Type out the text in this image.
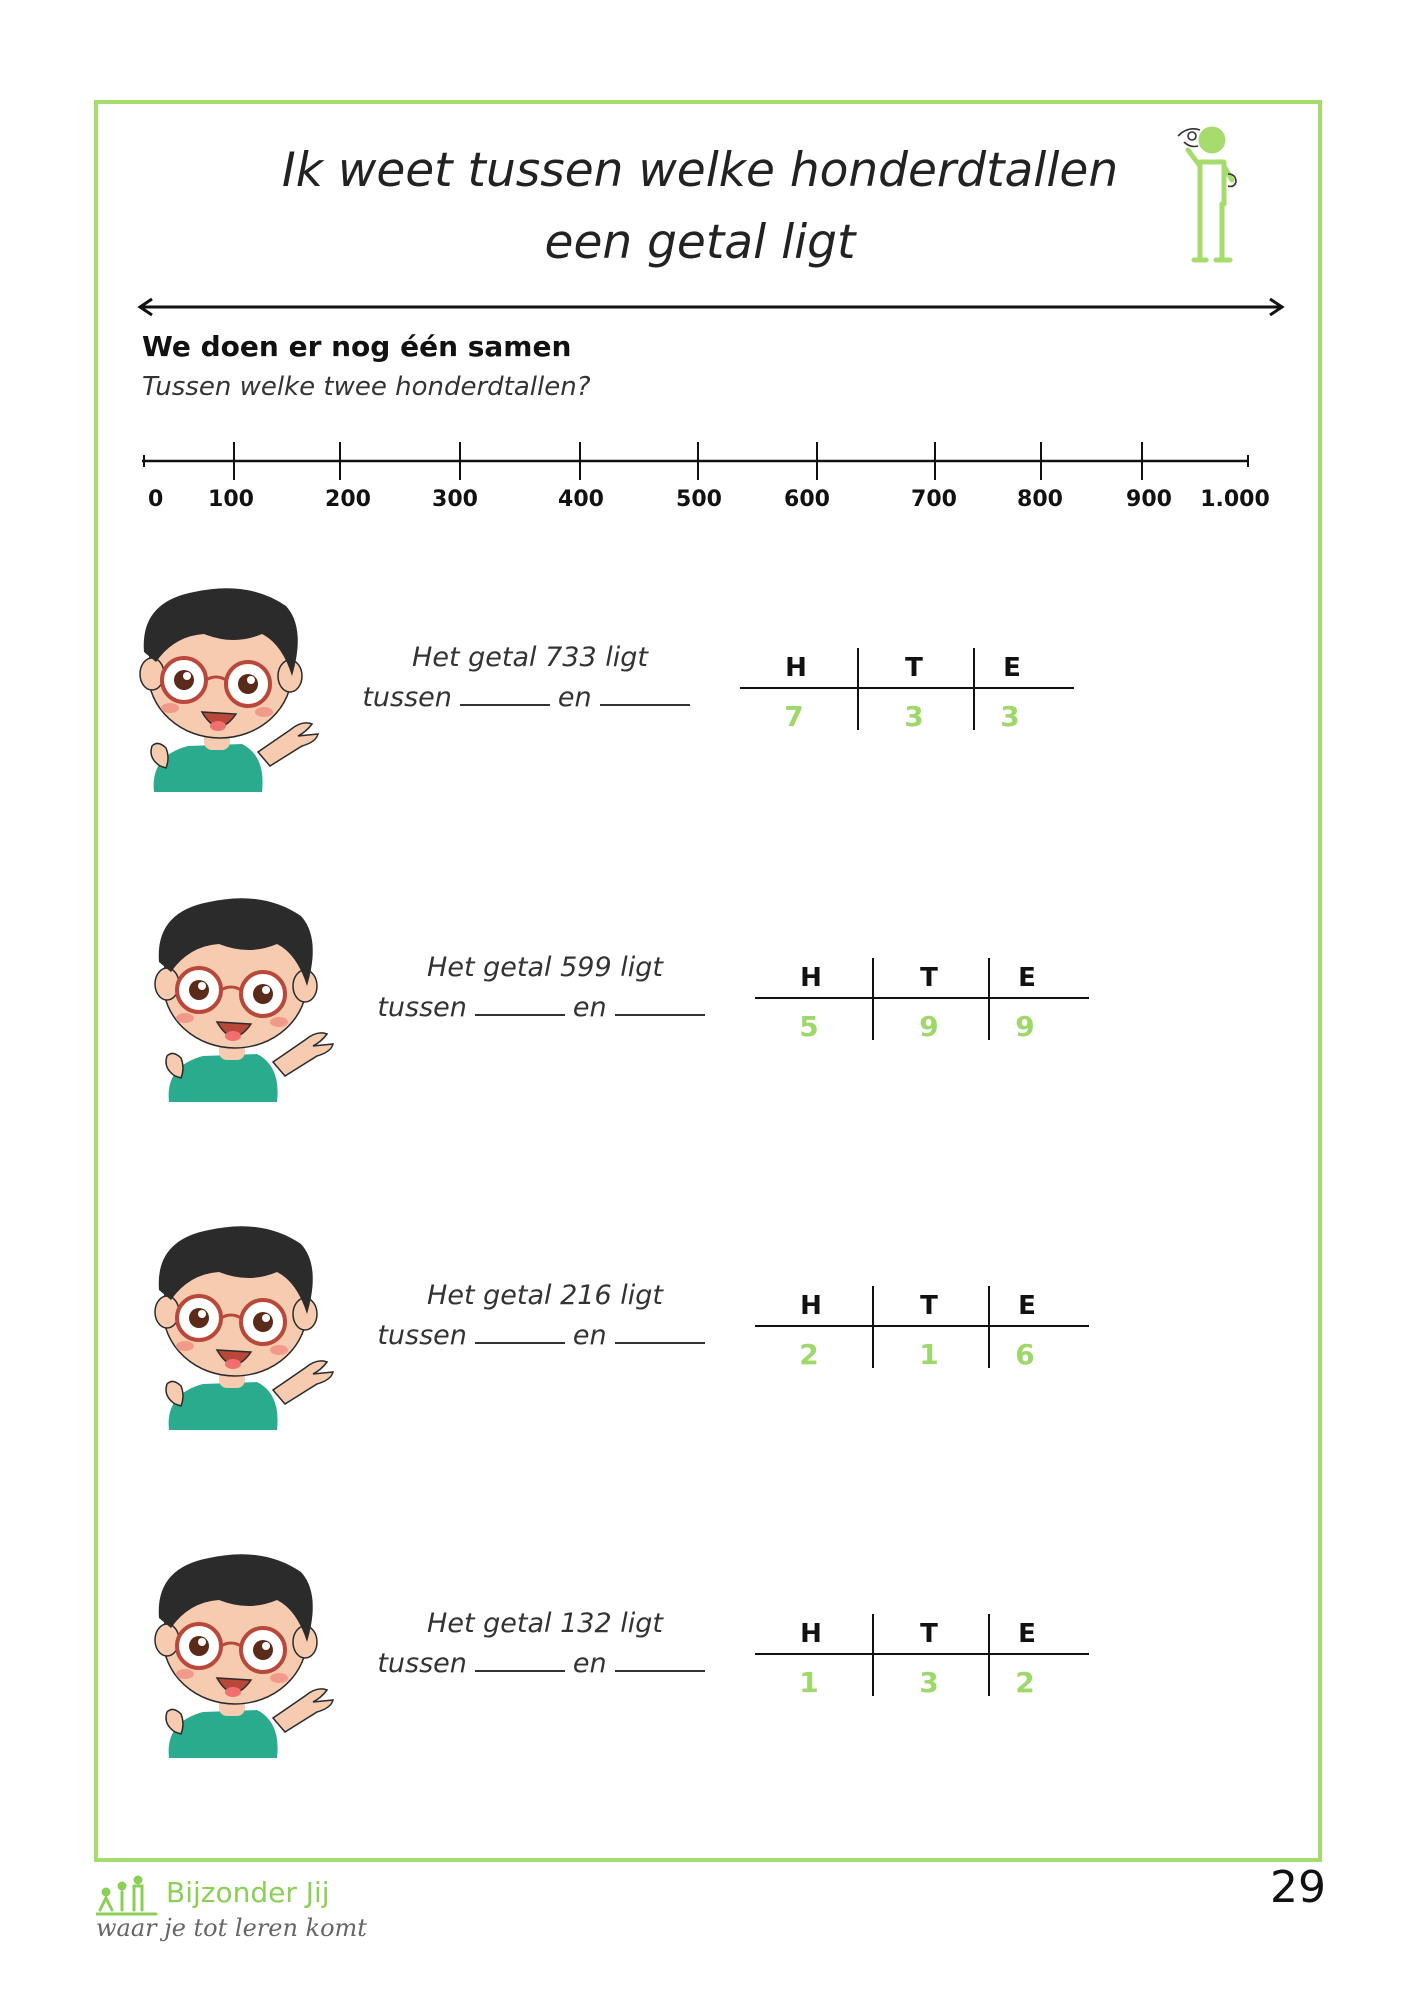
Ik weet tussen welke honderdtallen
een getal ligt
We doen er nog één samen
Tussen welke twee honderdtallen?
0 100	200	300	400	500	600	700	800	900 1.000
Het getal 733 ligt
tussen	en
H	T	E
7	3	3
Het getal 599 ligt
tussen	en
H	T	E
5	9	9
Het getal 216 ligt
tussen	en
H	T	E
2	1	6
Het getal 132 ligt
tussen	en
H	T	E
1	3	2
Bijzonder Jij
waar je tot leren komt
29
